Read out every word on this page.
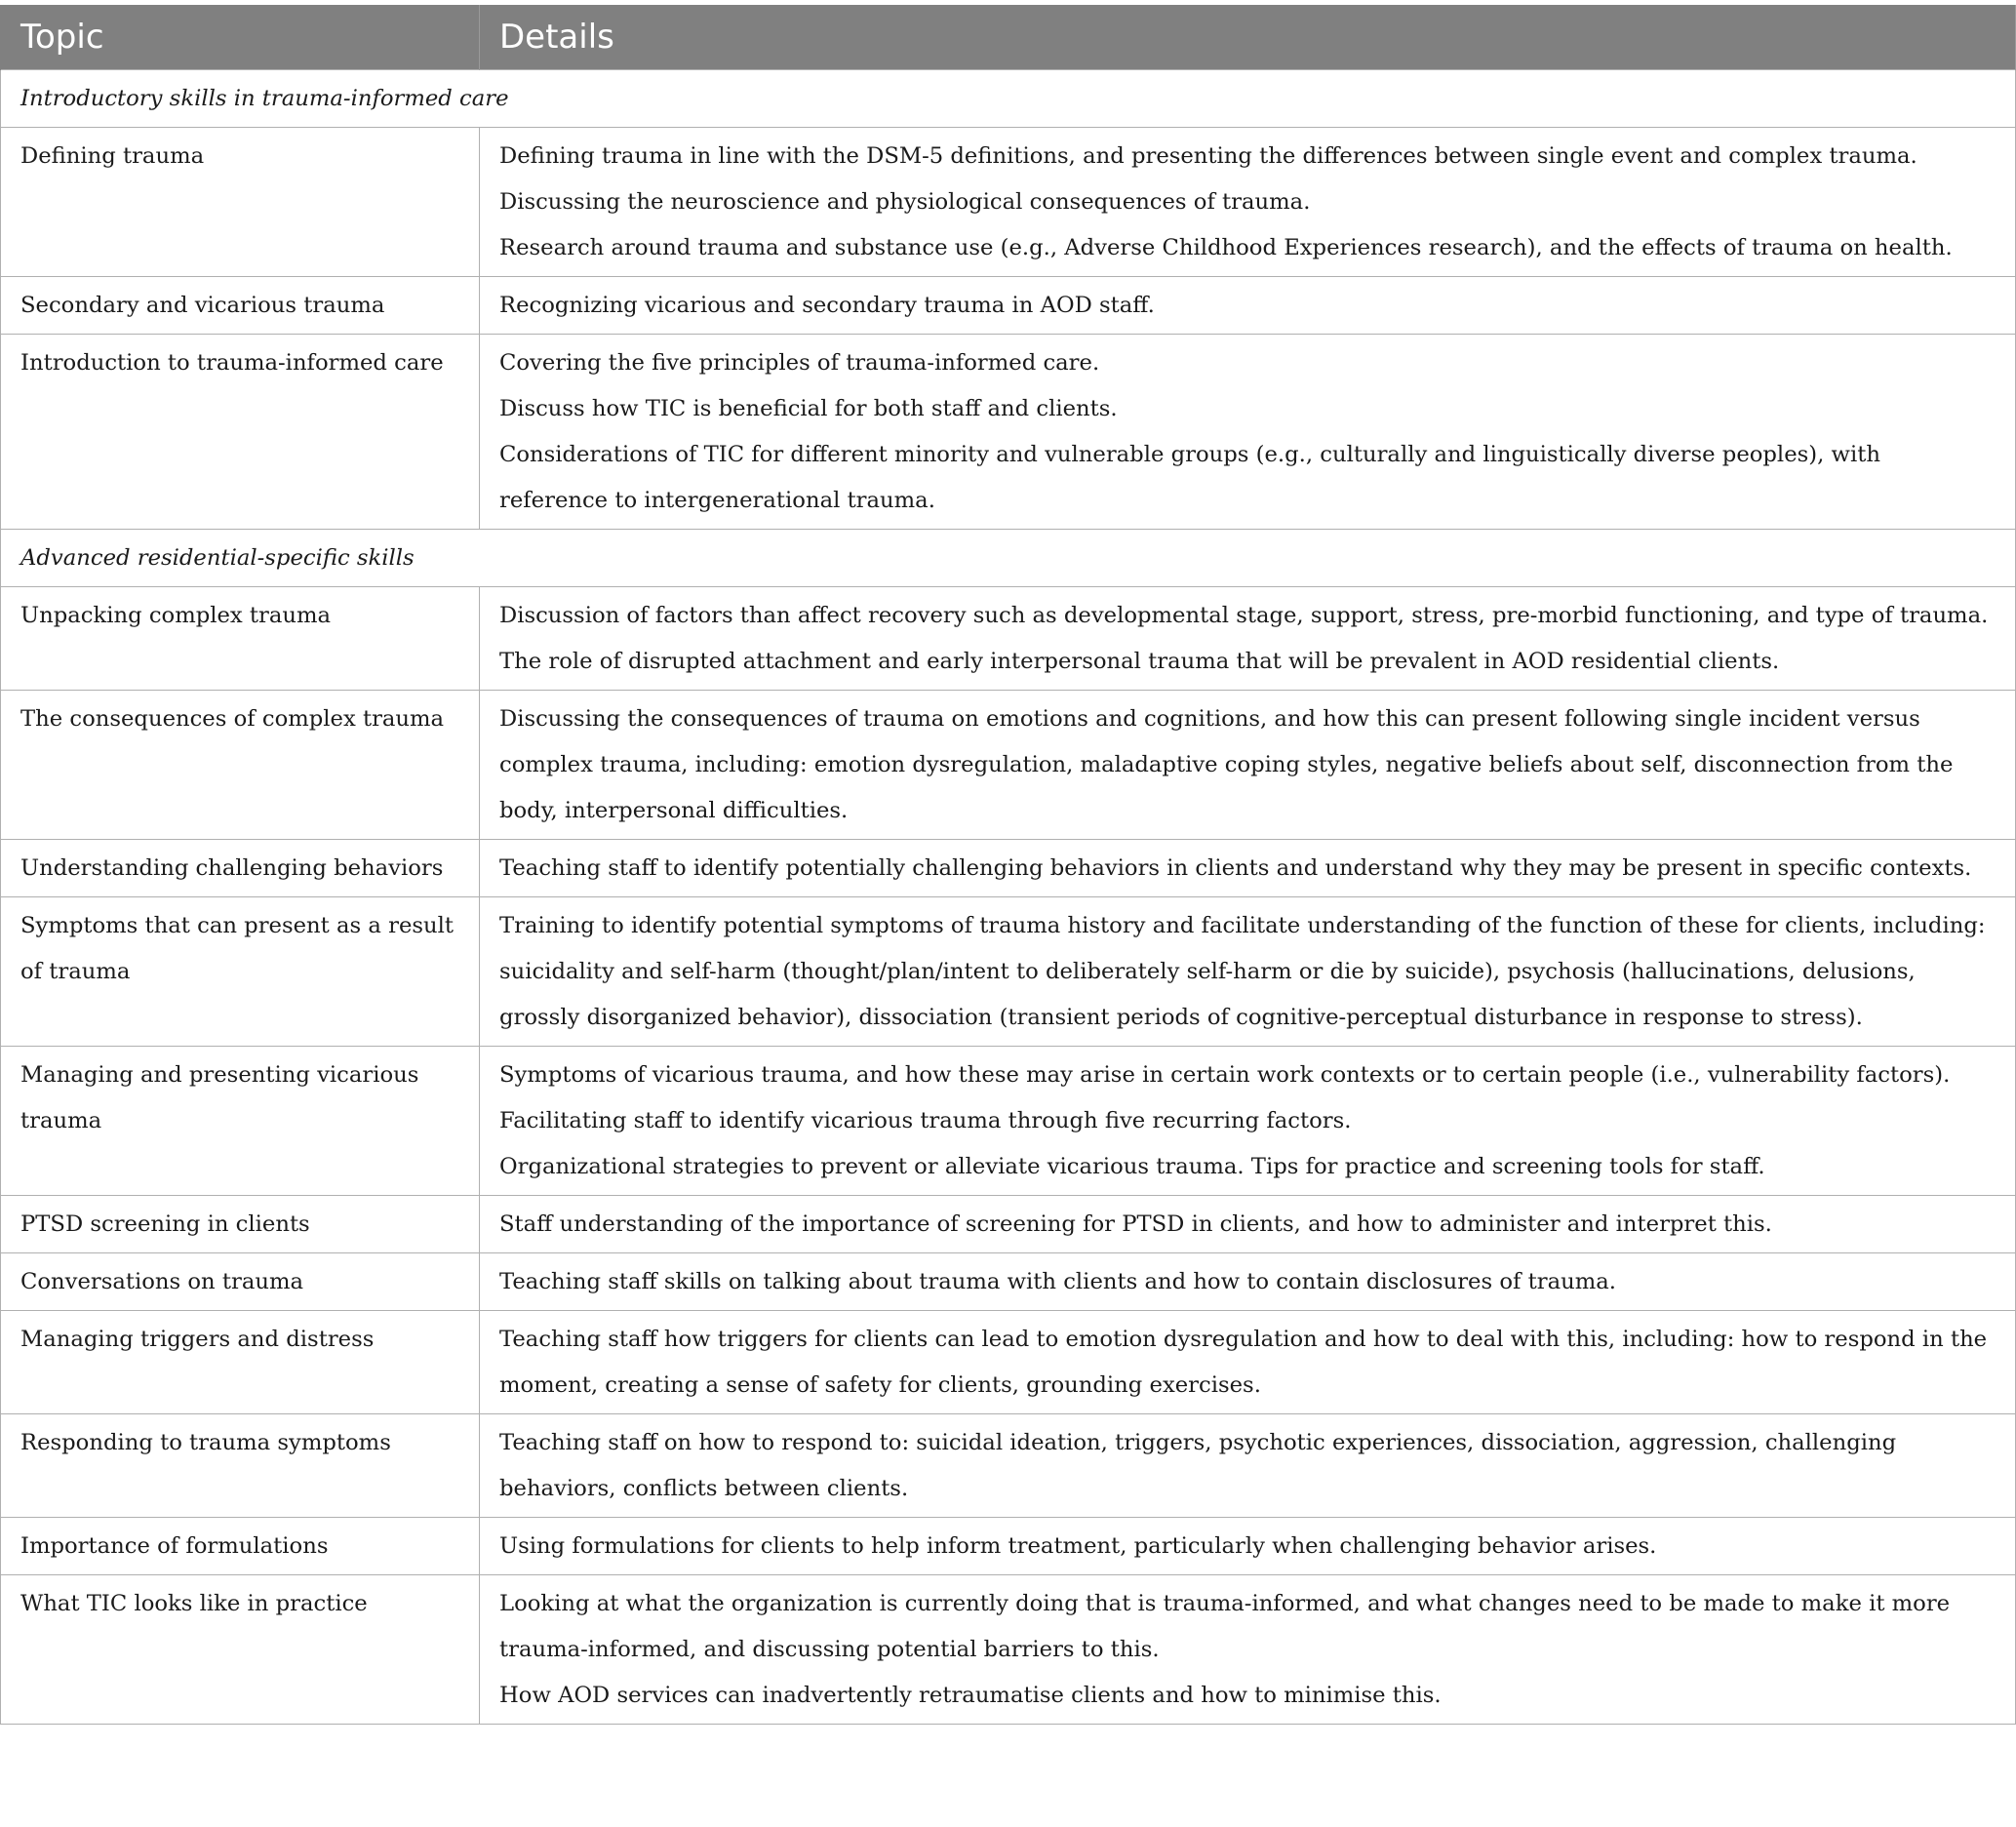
Topic	Details
Introductory skills in trauma-informed care	
Defining trauma	Defining trauma in line with the DSM-5 definitions, and presenting the differences between single event and complex trauma.
Discussing the neuroscience and physiological consequences of trauma.
Research around trauma and substance use (e.g., Adverse Childhood Experiences research), and the effects of trauma on health.

Secondary and vicarious trauma	Recognizing vicarious and secondary trauma in AOD staff.

Introduction to trauma-informed care	Covering the five principles of trauma-informed care.
Discuss how TIC is beneficial for both staff and clients.
Considerations of TIC for different minority and vulnerable groups (e.g., culturally and linguistically diverse peoples), with reference to intergenerational trauma.

Advanced residential-specific skills	
Unpacking complex trauma	Discussion of factors than affect recovery such as developmental stage, support, stress, pre-morbid functioning, and type of trauma.
The role of disrupted attachment and early interpersonal trauma that will be prevalent in AOD residential clients.

The consequences of complex trauma	Discussing the consequences of trauma on emotions and cognitions, and how this can present following single incident versus complex trauma, including: emotion dysregulation, maladaptive coping styles, negative beliefs about self, disconnection from the body, interpersonal difficulties.

Understanding challenging behaviors	Teaching staff to identify potentially challenging behaviors in clients and understand why they may be present in specific contexts.

Symptoms that can present as a result of trauma	Training to identify potential symptoms of trauma history and facilitate understanding of the function of these for clients, including: suicidality and self-harm (thought/plan/intent to deliberately self-harm or die by suicide), psychosis (hallucinations, delusions, grossly disorganized behavior), dissociation (transient periods of cognitive-perceptual disturbance in response to stress).

Managing and presenting vicarious trauma	Symptoms of vicarious trauma, and how these may arise in certain work contexts or to certain people (i.e., vulnerability factors).
Facilitating staff to identify vicarious trauma through five recurring factors.
Organizational strategies to prevent or alleviate vicarious trauma. Tips for practice and screening tools for staff.

PTSD screening in clients	Staff understanding of the importance of screening for PTSD in clients, and how to administer and interpret this.

Conversations on trauma	Teaching staff skills on talking about trauma with clients and how to contain disclosures of trauma.

Managing triggers and distress	Teaching staff how triggers for clients can lead to emotion dysregulation and how to deal with this, including: how to respond in the moment, creating a sense of safety for clients, grounding exercises.

Responding to trauma symptoms	Teaching staff on how to respond to: suicidal ideation, triggers, psychotic experiences, dissociation, aggression, challenging behaviors, conflicts between clients.

Importance of formulations	Using formulations for clients to help inform treatment, particularly when challenging behavior arises.

What TIC looks like in practice	Looking at what the organization is currently doing that is trauma-informed, and what changes need to be made to make it more trauma-informed, and discussing potential barriers to this.
How AOD services can inadvertently retraumatise clients and how to minimise this.
